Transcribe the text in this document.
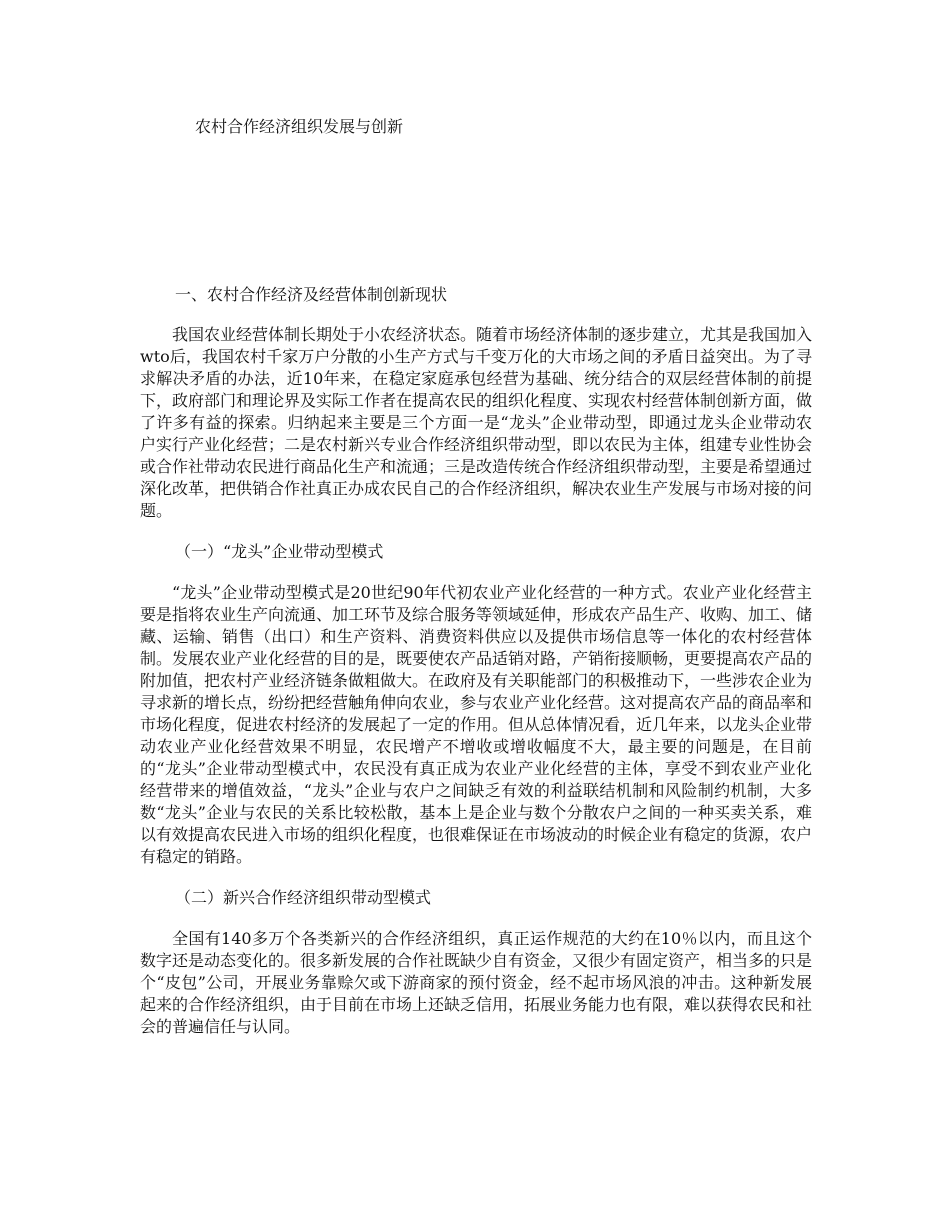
农村合作经济组织发展与创新
一、农村合作经济及经营体制创新现状

我国农业经营体制长期处于小农经济状态。随着市场经济体制的逐步建立，尤其是我国加入wto后，我国农村千家万户分散的小生产方式与千变万化的大市场之间的矛盾日益突出。为了寻求解决矛盾的办法，近10年来，在稳定家庭承包经营为基础、统分结合的双层经营体制的前提下，政府部门和理论界及实际工作者在提高农民的组织化程度、实现农村经营体制创新方面，做了许多有益的探索。归纳起来主要是三个方面一是“龙头”企业带动型，即通过龙头企业带动农户实行产业化经营；二是农村新兴专业合作经济组织带动型，即以农民为主体，组建专业性协会或合作社带动农民进行商品化生产和流通；三是改造传统合作经济组织带动型，主要是希望通过深化改革，把供销合作社真正办成农民自己的合作经济组织，解决农业生产发展与市场对接的问题。

（一）“龙头”企业带动型模式

“龙头”企业带动型模式是20世纪90年代初农业产业化经营的一种方式。农业产业化经营主要是指将农业生产向流通、加工环节及综合服务等领域延伸，形成农产品生产、收购、加工、储藏、运输、销售（出口）和生产资料、消费资料供应以及提供市场信息等一体化的农村经营体制。发展农业产业化经营的目的是，既要使农产品适销对路，产销衔接顺畅，更要提高农产品的附加值，把农村产业经济链条做粗做大。在政府及有关职能部门的积极推动下，一些涉农企业为寻求新的增长点，纷纷把经营触角伸向农业，参与农业产业化经营。这对提高农产品的商品率和市场化程度，促进农村经济的发展起了一定的作用。但从总体情况看，近几年来，以龙头企业带动农业产业化经营效果不明显，农民增产不增收或增收幅度不大，最主要的问题是，在目前的“龙头”企业带动型模式中，农民没有真正成为农业产业化经营的主体，享受不到农业产业化经营带来的增值效益，“龙头”企业与农户之间缺乏有效的利益联结机制和风险制约机制，大多数“龙头”企业与农民的关系比较松散，基本上是企业与数个分散农户之间的一种买卖关系，难以有效提高农民进入市场的组织化程度，也很难保证在市场波动的时候企业有稳定的货源，农户有稳定的销路。

（二）新兴合作经济组织带动型模式

全国有140多万个各类新兴的合作经济组织，真正运作规范的大约在10％以内，而且这个数字还是动态变化的。很多新发展的合作社既缺少自有资金，又很少有固定资产，相当多的只是个“皮包”公司，开展业务靠赊欠或下游商家的预付资金，经不起市场风浪的冲击。这种新发展起来的合作经济组织，由于目前在市场上还缺乏信用，拓展业务能力也有限，难以获得农民和社会的普遍信任与认同。
